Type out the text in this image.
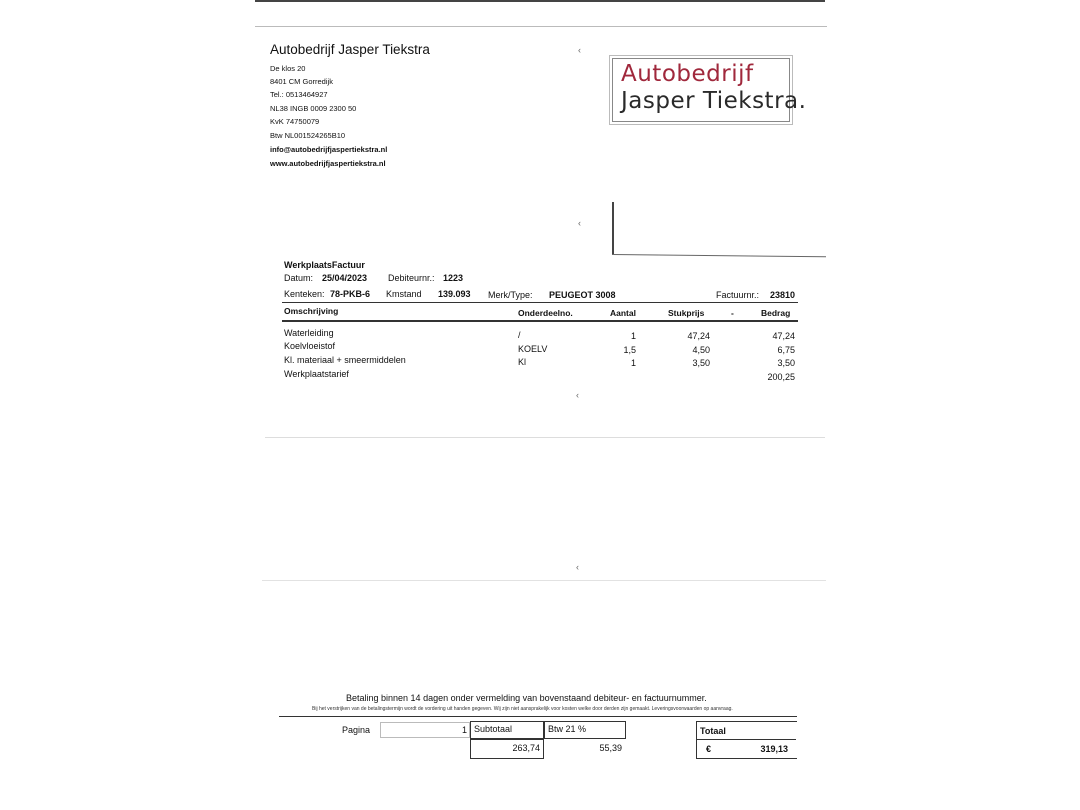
‹
‹
‹
‹
Autobedrijf Jasper Tiekstra
De klos 20
8401 CM Gorredijk
Tel.: 0513464927
NL38 INGB 0009 2300 50
KvK 74750079
Btw NL001524265B10
info@autobedrijfjaspertiekstra.nl
www.autobedrijfjaspertiekstra.nl
Autobedrijf
Jasper Tiekstra.
WerkplaatsFactuur
Datum: 25/04/2023 Debiteurnr.: 1223
Kenteken: 78-PKB-6 Kmstand 139.093 Merk/Type: PEUGEOT 3008	Factuurnr.: 23810
Omschrijving	Onderdeelno.	Aantal	Stukprijs	-	Bedrag
Waterleiding	/	1	47,24	47,24
Koelvloeistof	KOELV	1,5	4,50	6,75
Kl. materiaal + smeermiddelen	Kl	1	3,50	3,50
Werkplaatstarief	200,25
Betaling binnen 14 dagen onder vermelding van bovenstaand debiteur- en factuurnummer.
Bij het verstrijken van de betalingstermijn wordt de vordering uit handen gegeven. Wij zijn niet aansprakelijk voor kosten welke door derden zijn gemaakt. Leveringsvoorwaarden op aanvraag.
Pagina	1 Subtotaal	Btw 21 %
263,74	55,39
Totaal
€	319,13
